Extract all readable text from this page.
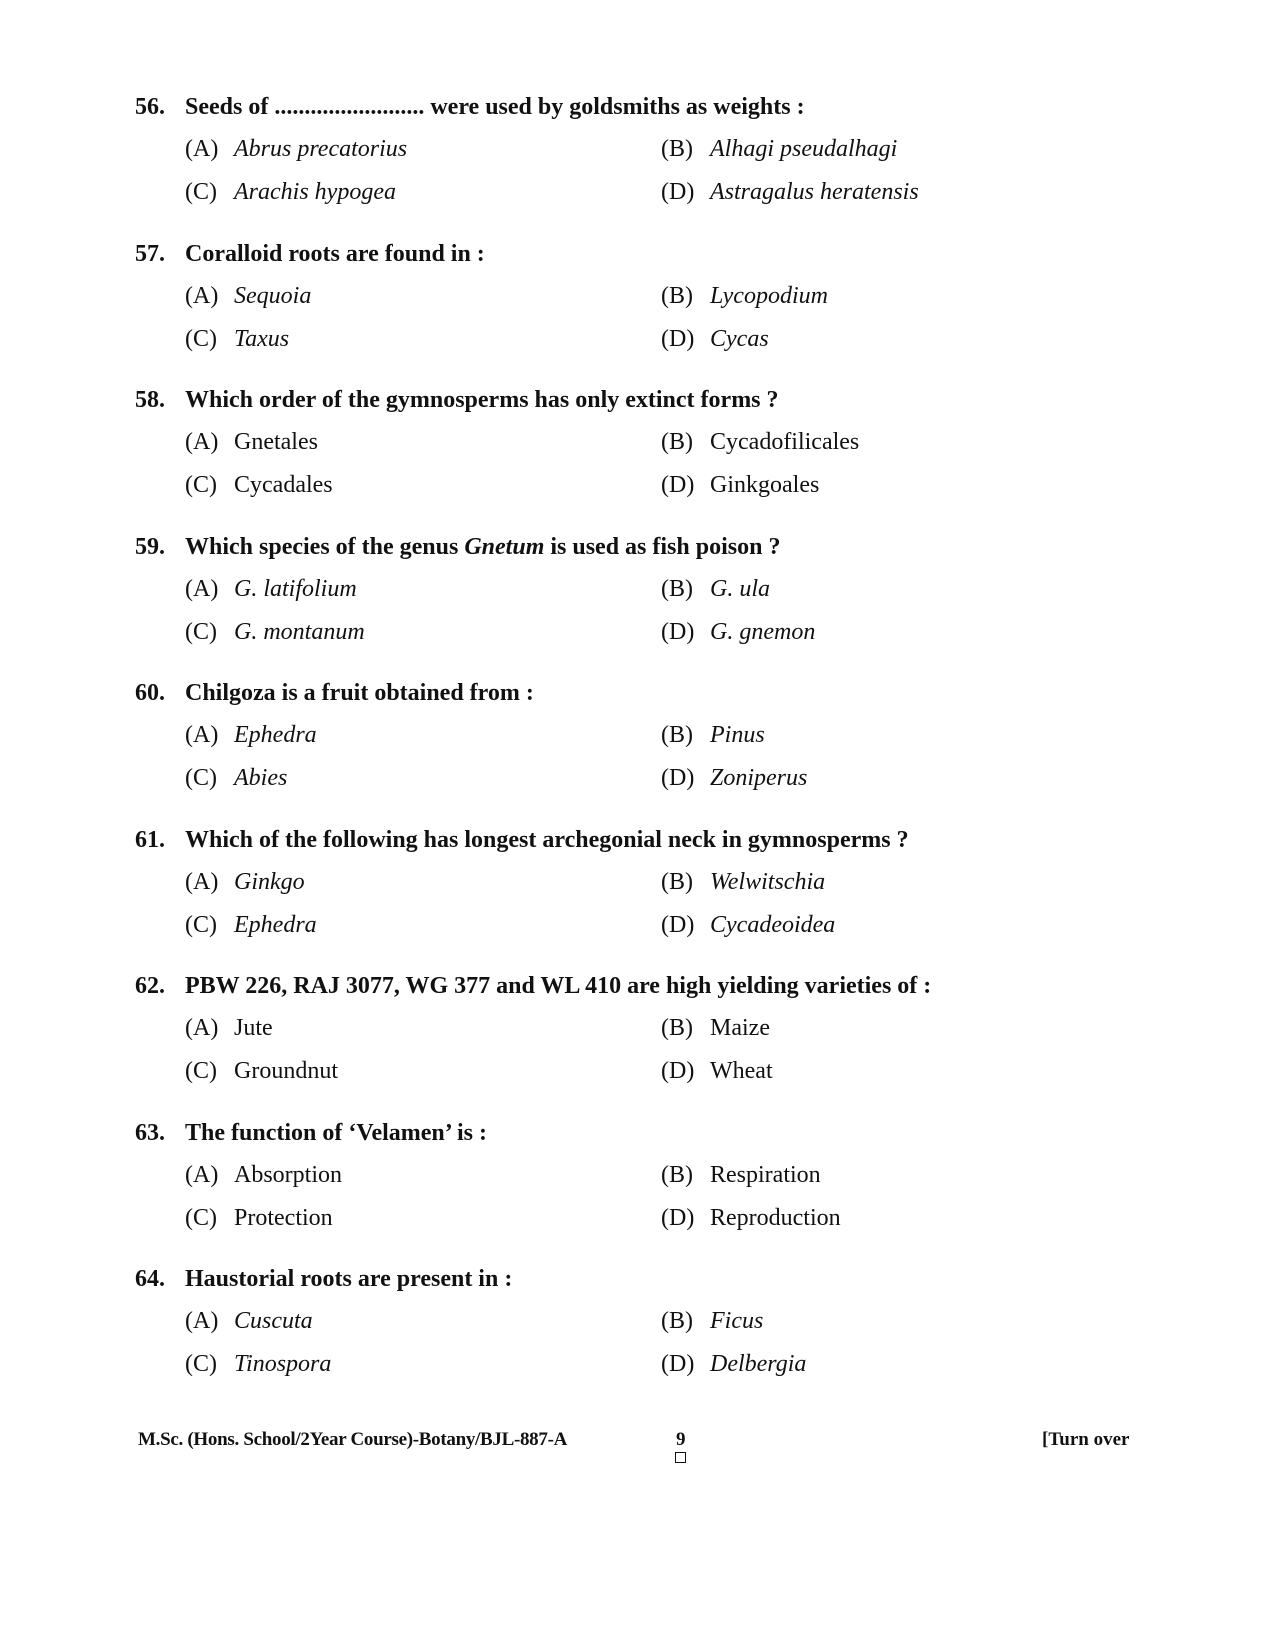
56. Seeds of ......................... were used by goldsmiths as weights :
(A) Abrus precatorius	(B) Alhagi pseudalhagi
(C) Arachis hypogea	(D) Astragalus heratensis
57. Coralloid roots are found in :
(A) Sequoia	(B) Lycopodium
(C) Taxus	(D) Cycas
58. Which order of the gymnosperms has only extinct forms ?
(A) Gnetales	(B) Cycadofilicales
(C) Cycadales	(D) Ginkgoales
59. Which species of the genus Gnetum is used as fish poison ?
(A) G. latifolium	(B) G. ula
(C) G. montanum	(D) G. gnemon
60. Chilgoza is a fruit obtained from :
(A) Ephedra	(B) Pinus
(C) Abies	(D) Zoniperus
61. Which of the following has longest archegonial neck in gymnosperms ?
(A) Ginkgo	(B) Welwitschia
(C) Ephedra	(D) Cycadeoidea
62. PBW 226, RAJ 3077, WG 377 and WL 410 are high yielding varieties of :
(A) Jute	(B) Maize
(C) Groundnut	(D) Wheat
63. The function of ‘Velamen’ is :
(A) Absorption	(B) Respiration
(C) Protection	(D) Reproduction
64. Haustorial roots are present in :
(A) Cuscuta	(B) Ficus
(C) Tinospora	(D) Delbergia
M.Sc. (Hons. School/2Year Course)-Botany/BJL-887-A	9	[Turn over
